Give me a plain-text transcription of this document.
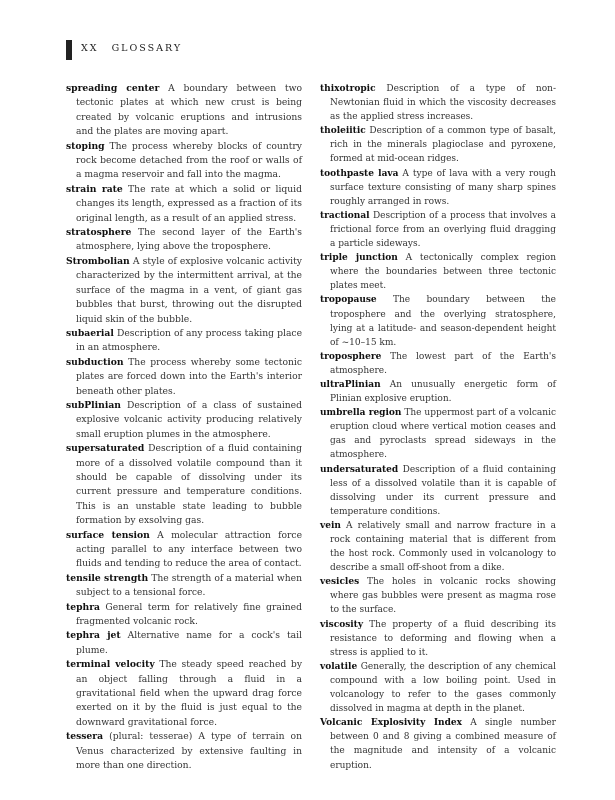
XX GLOSSARY

spreading center A boundary between two tectonic plates at which new crust is being created by volcanic eruptions and intrusions and the plates are moving apart.

stoping The process whereby blocks of country rock become detached from the roof or walls of a magma reservoir and fall into the magma.

strain rate The rate at which a solid or liquid changes its length, expressed as a fraction of its original length, as a result of an applied stress.

stratosphere The second layer of the Earth's atmosphere, lying above the troposphere.

Strombolian A style of explosive volcanic activity characterized by the intermittent arrival, at the surface of the magma in a vent, of giant gas bubbles that burst, throwing out the disrupted liquid skin of the bubble.

subaerial Description of any process taking place in an atmosphere.

subduction The process whereby some tectonic plates are forced down into the Earth's interior beneath other plates.

subPlinian Description of a class of sustained explosive volcanic activity producing relatively small eruption plumes in the atmosphere.

supersaturated Description of a fluid containing more of a dissolved volatile compound than it should be capable of dissolving under its current pressure and temperature conditions. This is an unstable state leading to bubble formation by exsolving gas.

surface tension A molecular attraction force acting parallel to any interface between two fluids and tending to reduce the area of contact.

tensile strength The strength of a material when subject to a tensional force.

tephra General term for relatively fine grained fragmented volcanic rock.

tephra jet Alternative name for a cock's tail plume.

terminal velocity The steady speed reached by an object falling through a fluid in a gravitational field when the upward drag force exerted on it by the fluid is just equal to the downward gravitational force.

tessera (plural: tesserae) A type of terrain on Venus characterized by extensive faulting in more than one direction.

thixotropic Description of a type of non-Newtonian fluid in which the viscosity decreases as the applied stress increases.

tholeiitic Description of a common type of basalt, rich in the minerals plagioclase and pyroxene, formed at mid-ocean ridges.

toothpaste lava A type of lava with a very rough surface texture consisting of many sharp spines roughly arranged in rows.

tractional Description of a process that involves a frictional force from an overlying fluid dragging a particle sideways.

triple junction A tectonically complex region where the boundaries between three tectonic plates meet.

tropopause The boundary between the troposphere and the overlying stratosphere, lying at a latitude- and season-dependent height of ~10–15 km.

troposphere The lowest part of the Earth's atmosphere.

ultraPlinian An unusually energetic form of Plinian explosive eruption.

umbrella region The uppermost part of a volcanic eruption cloud where vertical motion ceases and gas and pyroclasts spread sideways in the atmosphere.

undersaturated Description of a fluid containing less of a dissolved volatile than it is capable of dissolving under its current pressure and temperature conditions.

vein A relatively small and narrow fracture in a rock containing material that is different from the host rock. Commonly used in volcanology to describe a small off-shoot from a dike.

vesicles The holes in volcanic rocks showing where gas bubbles were present as magma rose to the surface.

viscosity The property of a fluid describing its resistance to deforming and flowing when a stress is applied to it.

volatile Generally, the description of any chemical compound with a low boiling point. Used in volcanology to refer to the gases commonly dissolved in magma at depth in the planet.

Volcanic Explosivity Index A single number between 0 and 8 giving a combined measure of the magnitude and intensity of a volcanic eruption.
